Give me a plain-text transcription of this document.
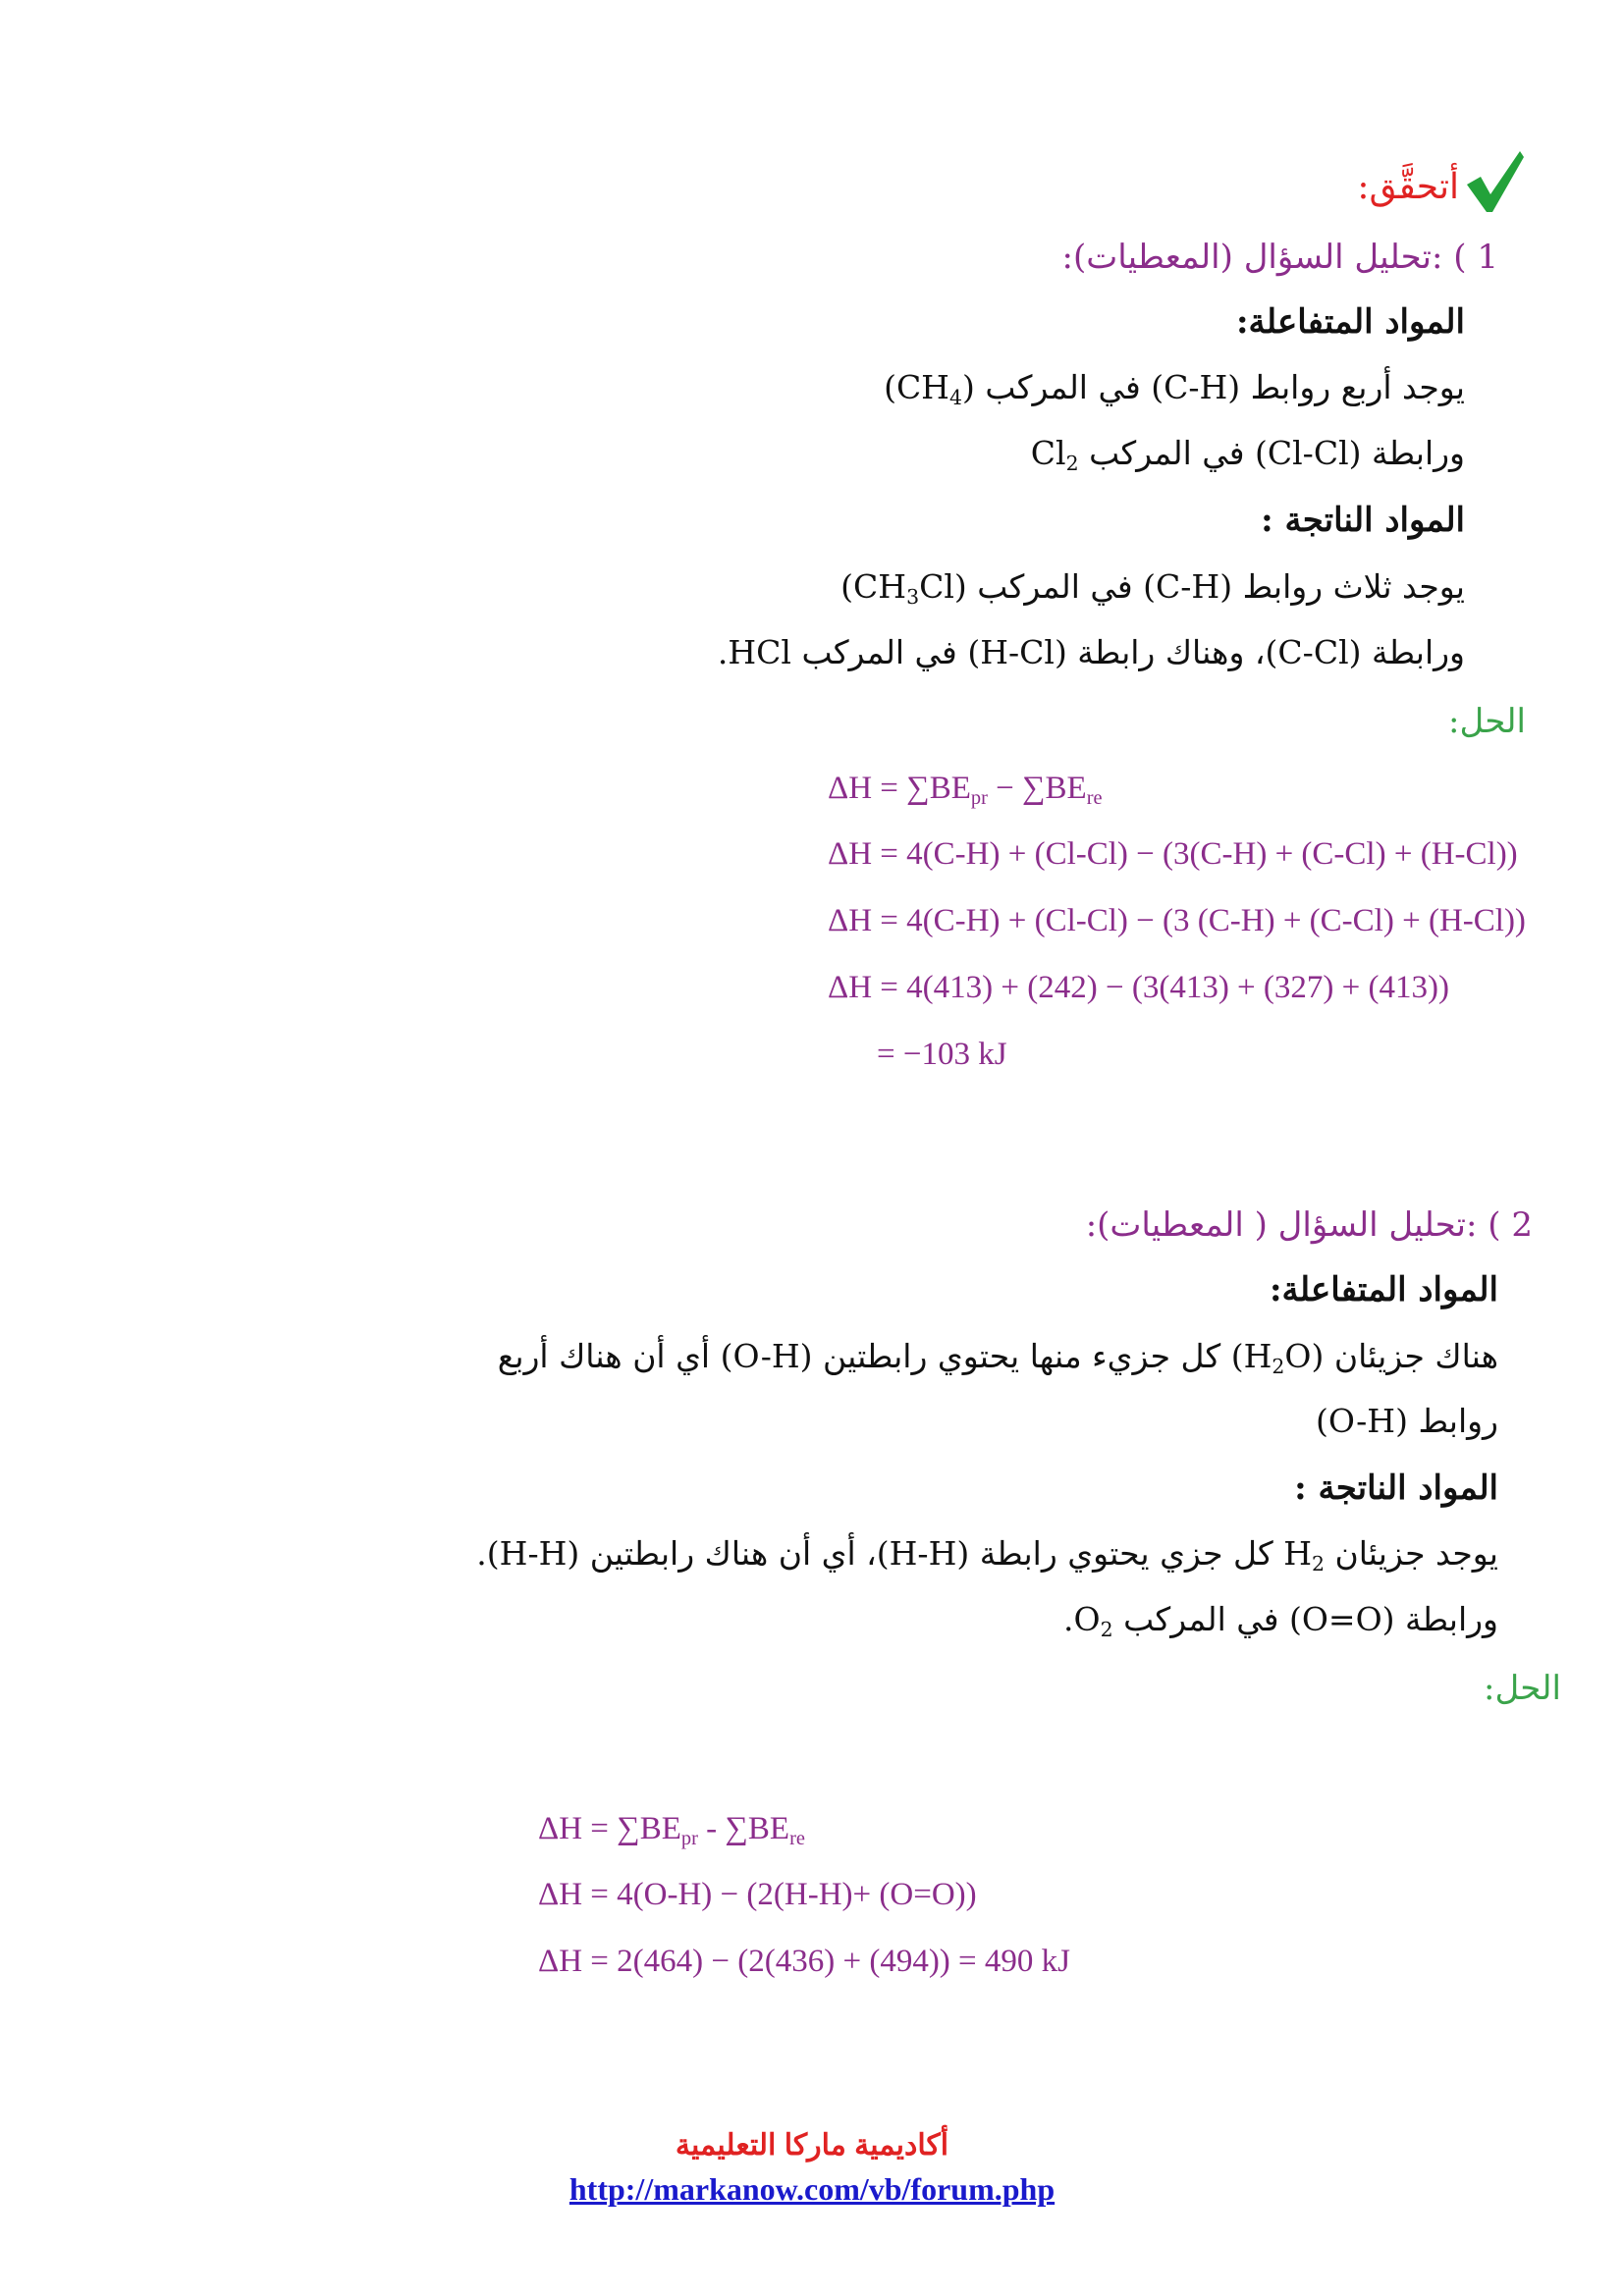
أتحقَّق:
1 ) :تحليل السؤال (المعطيات):
المواد المتفاعلة:
يوجد أربع روابط (C-H) في المركب $(CH_4)$
ورابطة (Cl-Cl) في المركب $Cl_2$
المواد الناتجة :
يوجد ثلاث روابط (C-H) في المركب $(CH_3Cl)$
ورابطة (C-Cl)، وهناك رابطة (H-Cl) في المركب HCl.
الحل:
$\Delta H = \sum BE_{pr} - \sum BE_{re}$
ΔH = 4(C-H) + (Cl-Cl) − (3(C-H) + (C-Cl) + (H-Cl))
ΔH = 4(C-H) + (Cl-Cl) − (3 (C-H) + (C-Cl) + (H-Cl))
ΔH = 4(413) + (242) − (3(413) + (327) + (413))
= −103 kJ
2 ) :تحليل السؤال ( المعطيات):
المواد المتفاعلة:
هناك جزيئان $(H_2O)$ كل جزيء منها يحتوي رابطتين (O-H) أي أن هناك أربع
روابط (O-H)
المواد الناتجة :
يوجد جزيئان $H_2$ كل جزي يحتوي رابطة (H-H)، أي أن هناك رابطتين (H-H).
ورابطة (O=O) في المركب $O_2$.
الحل:
$\Delta H = \sum BE_{pr} - \sum BE_{re}$
ΔH = 4(O-H) − (2(H-H)+ (O=O))
ΔH = 2(464) − (2(436) + (494)) = 490 kJ
أكاديمية ماركا التعليمية
http://markanow.com/vb/forum.php
